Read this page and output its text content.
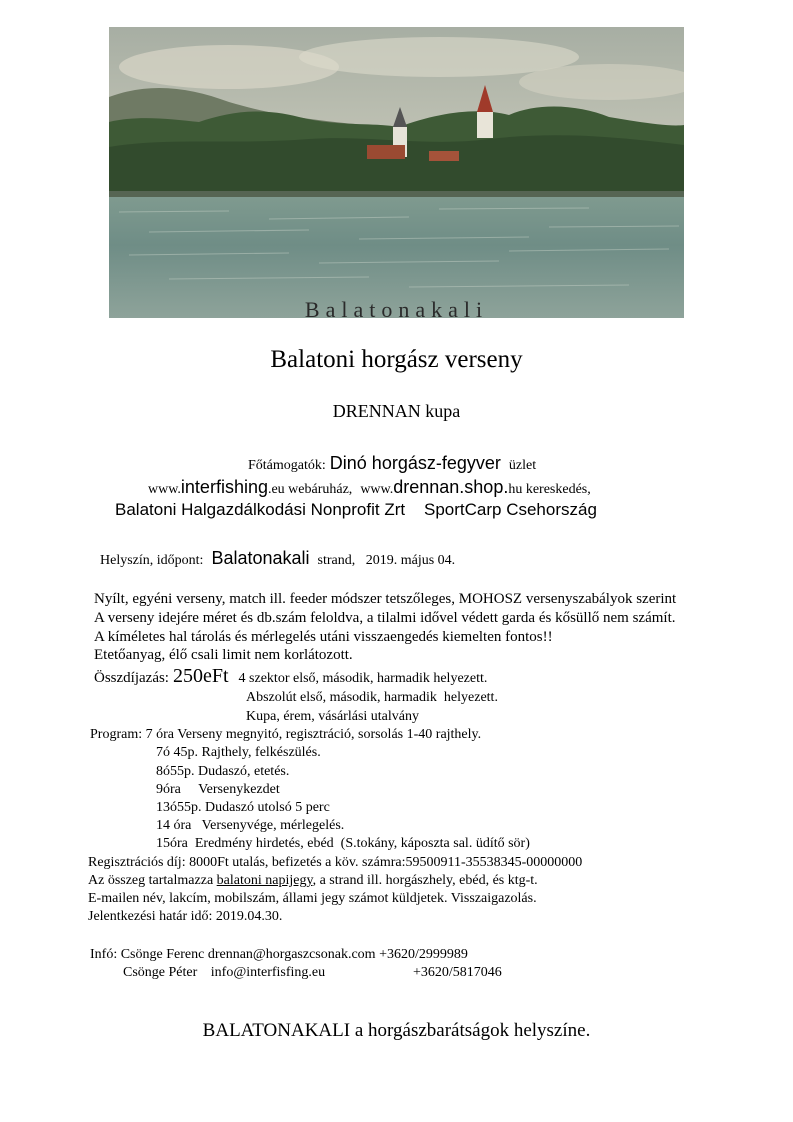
Balatonakali
Balatoni horgász verseny
DRENNAN kupa
Főtámogatók: Dinó horgász-fegyver üzlet
www.interfishing.eu webáruház, www.drennan.shop.hu kereskedés,
Balatoni Halgazdálkodási Nonprofit Zrt    SportCarp Csehország
Helyszín, időpont: Balatonakali strand,   2019. május 04.
Nyílt, egyéni verseny, match ill. feeder módszer tetszőleges, MOHOSZ versenyszabályok szerint
A verseny idejére méret és db.szám feloldva, a tilalmi idővel védett garda és kősüllő nem számít.
A kíméletes hal tárolás és mérlegelés utáni visszaengedés kiemelten fontos!!
Etetőanyag, élő csali limit nem korlátozott.
Összdíjazás: 250eFt 4 szektor első, második, harmadik helyezett.
Abszolút első, második, harmadik  helyezett.
Kupa, érem, vásárlási utalvány
Program: 7 óra Verseny megnyitó, regisztráció, sorsolás 1-40 rajthely.
7ó 45p. Rajthely, felkészülés.
8ó55p. Dudaszó, etetés.
9óra     Versenykezdet
13ó55p. Dudaszó utolsó 5 perc
14 óra   Versenyvége, mérlegelés.
15óra  Eredmény hirdetés, ebéd  (S.tokány, káposzta sal. üdítő sör)
Regisztrációs díj: 8000Ft utalás, befizetés a köv. számra:59500911-35538345-00000000
Az összeg tartalmazza balatoni napijegy, a strand ill. horgászhely, ebéd, és ktg-t.
E-mailen név, lakcím, mobilszám, állami jegy számot küldjetek. Visszaigazolás.
Jelentkezési határ idő: 2019.04.30.
Infó: Csönge Ferenc drennan@horgaszcsonak.com +3620/2999989
Csönge Péter info@interfisfing.eu	+3620/5817046
BALATONAKALI a horgászbarátságok helyszíne.
